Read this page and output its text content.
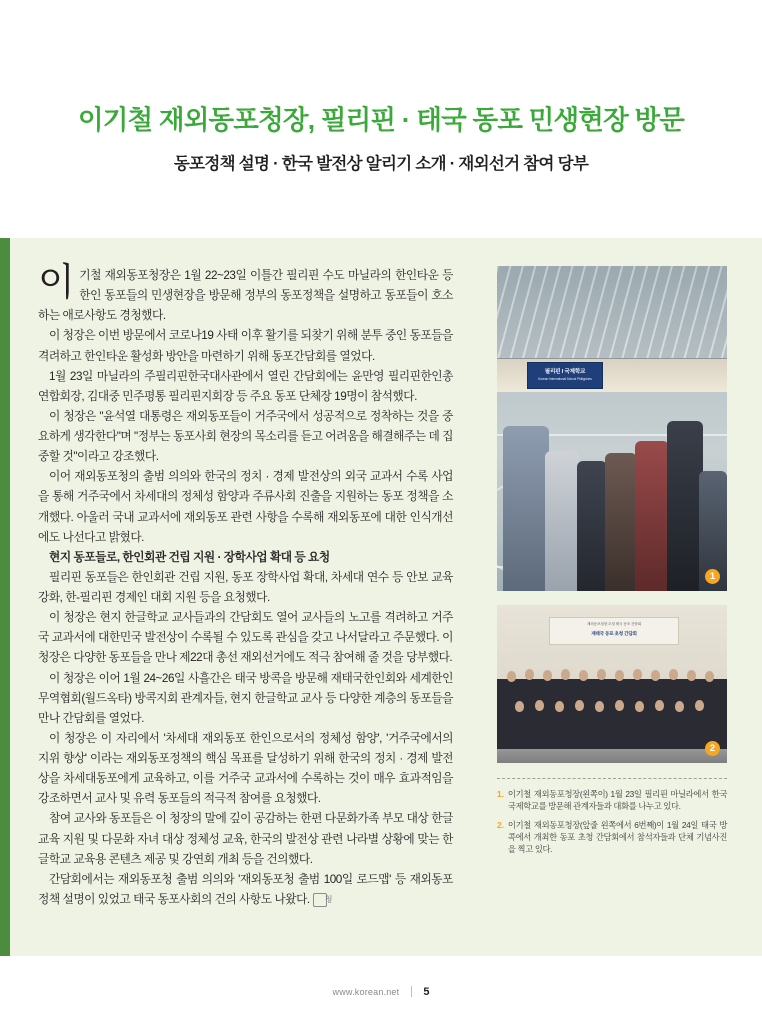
이기철 재외동포청장, 필리핀 · 태국 동포 민생현장 방문
동포정책 설명 · 한국 발전상 알리기 소개 · 재외선거 참여 당부

이기철 재외동포청장은 1월 22~23일 이틀간 필리핀 수도 마닐라의 한인타운 등 한인 동포들의 민생현장을 방문해 정부의 동포정책을 설명하고 동포들이 호소하는 애로사항도 경청했다.

이 청장은 이번 방문에서 코로나19 사태 이후 활기를 되찾기 위해 분투 중인 동포들을 격려하고 한인타운 활성화 방안을 마련하기 위해 동포간담회를 열었다.

1월 23일 마닐라의 주필리핀한국대사관에서 열린 간담회에는 윤만영 필리핀한인총연합회장, 김대중 민주평통 필리핀지회장 등 주요 동포 단체장 19명이 참석했다.

이 청장은 "윤석열 대통령은 재외동포들이 거주국에서 성공적으로 정착하는 것을 중요하게 생각한다"며 "정부는 동포사회 현장의 목소리를 듣고 어려움을 해결해주는 데 집중할 것"이라고 강조했다.

이어 재외동포청의 출범 의의와 한국의 정치 · 경제 발전상의 외국 교과서 수록 사업을 통해 거주국에서 차세대의 정체성 함양과 주류사회 진출을 지원하는 동포 정책을 소개했다. 아울러 국내 교과서에 재외동포 관련 사항을 수록해 재외동포에 대한 인식개선에도 나선다고 밝혔다.

현지 동포들로, 한인회관 건립 지원 · 장학사업 확대 등 요청

필리핀 동포들은 한인회관 건립 지원, 동포 장학사업 확대, 차세대 연수 등 안보 교육 강화, 한-필리핀 경제인 대회 지원 등을 요청했다.

이 청장은 현지 한글학교 교사들과의 간담회도 열어 교사들의 노고를 격려하고 거주국 교과서에 대한민국 발전상이 수록될 수 있도록 관심을 갖고 나서달라고 주문했다. 이 청장은 다양한 동포들을 만나 제22대 총선 재외선거에도 적극 참여해 줄 것을 당부했다.

이 청장은 이어 1월 24~26일 사흘간은 태국 방콕을 방문해 재태국한인회와 세계한인무역협회(월드옥타) 방콕지회 관계자들, 현지 한글학교 교사 등 다양한 계층의 동포들을 만나 간담회를 열었다.

이 청장은 이 자리에서 '차세대 재외동포 한인으로서의 정체성 함양', '거주국에서의 지위 향상' 이라는 재외동포정책의 핵심 목표를 달성하기 위해 한국의 정치 · 경제 발전상을 차세대동포에게 교육하고, 이를 거주국 교과서에 수록하는 것이 매우 효과적임을 강조하면서 교사 및 유력 동포들의 적극적 참여를 요청했다.

참여 교사와 동포들은 이 청장의 말에 깊이 공감하는 한편 다문화가족 부모 대상 한글 교육 지원 및 다문화 자녀 대상 정체성 교육, 한국의 발전상 관련 나라별 상황에 맞는 한글학교 교육용 콘텐츠 제공 및 강연회 개최 등을 건의했다.

간담회에서는 재외동포청 출범 의의와 '재외동포청 출범 100일 로드맵' 등 재외동포 정책 설명이 있었고 태국 동포사회의 건의 사항도 나왔다. 청

필리핀 I 국제학교
Korean International School Philippines
1
재외동포청장 초청 태국 동포 간담회
재태국 동포 초청 간담회
2
1. 이기철 재외동포청장(왼쪽이) 1월 23일 필리핀 마닐라에서 한국국제학교를 방문해 관계자들과 대화를 나누고 있다.
2. 이기철 재외동포청장(앞줄 왼쪽에서 6번째)이 1월 24일 태국 방콕에서 개최한 동포 초청 간담회에서 참석자들과 단체 기념사진을 찍고 있다.
www.korean.net 5
